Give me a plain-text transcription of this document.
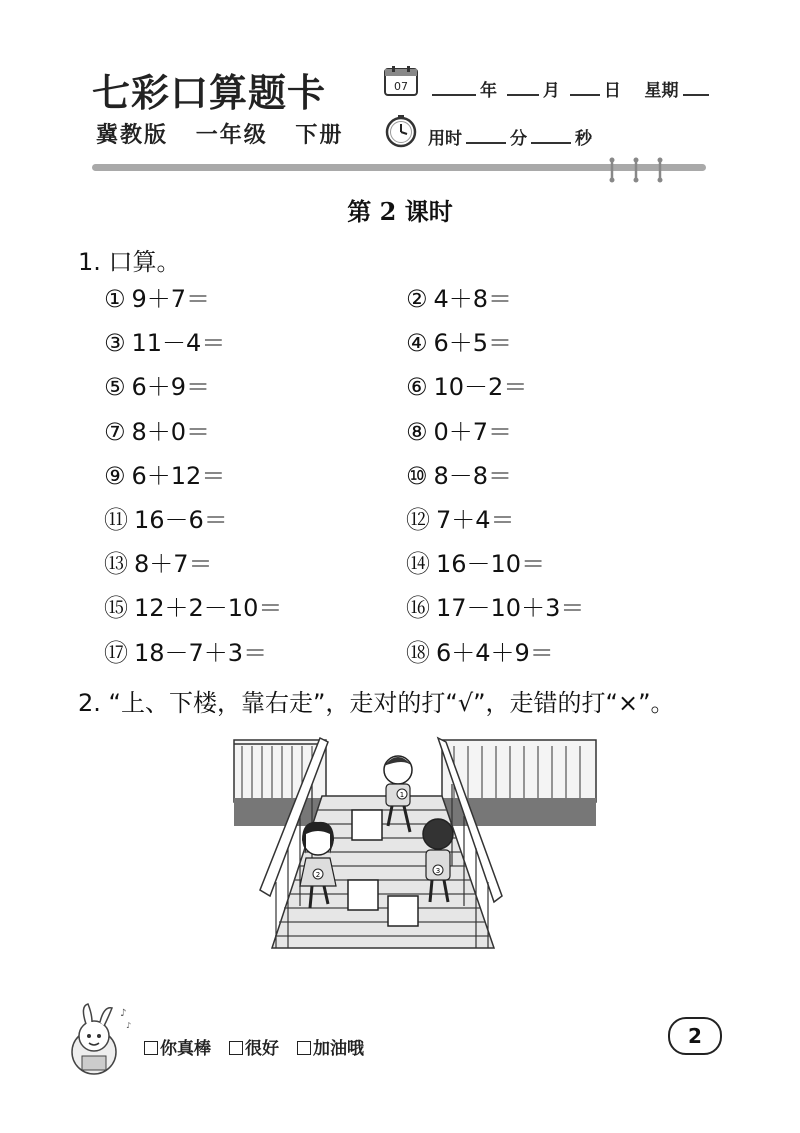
七彩口算题卡
冀教版 一年级 下册
07	年	月	日 星期
用时	分	秒
第 2 课时
1. 口算。
① 9＋7＝	② 4＋8＝
③ 11－4＝	④ 6＋5＝
⑤ 6＋9＝	⑥ 10－2＝
⑦ 8＋0＝	⑧ 0＋7＝
⑨ 6＋12＝	⑩ 8－8＝
⑪ 16－6＝	⑫ 7＋4＝
⑬ 8＋7＝	⑭ 16－10＝
⑮ 12＋2－10＝	⑯ 17－10＋3＝
⑰ 18－7＋3＝	⑱ 6＋4＋9＝
2. “上、下楼，靠右走”，走对的打“√”，走错的打“×”。
1
2	3
♪
♪
你真棒 很好 加油哦
2
